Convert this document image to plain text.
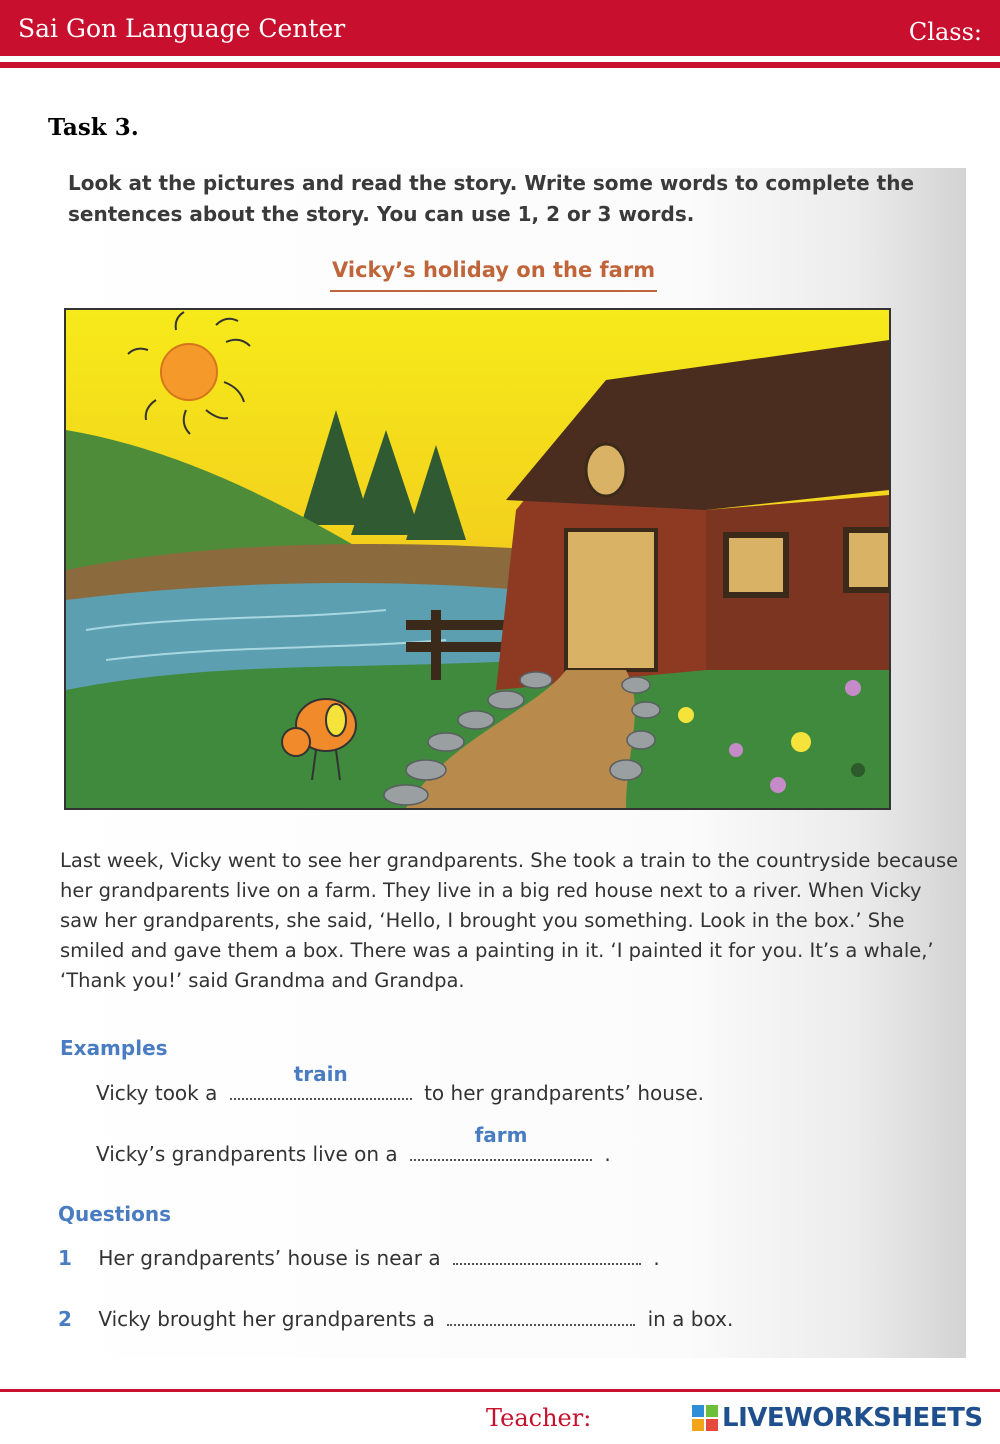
Sai Gon Language Center	Class:
Task 3.
Look at the pictures and read the story. Write some words to complete the sentences about the story. You can use 1, 2 or 3 words.
Vicky’s holiday on the farm
Last week, Vicky went to see her grandparents. She took a train to the countryside because her grandparents live on a farm. They live in a big red house next to a river. When Vicky saw her grandparents, she said, ‘Hello, I brought you something. Look in the box.’ She smiled and gave them a box. There was a painting in it. ‘I painted it for you. It’s a whale,’ ‘Thank you!’ said Grandma and Grandpa.
Examples
Vicky took a
train
to her grandparents’ house.
Vicky’s grandparents live on a
farm
.
Questions
1 Her grandparents’ house is near a	.
2 Vicky brought her grandparents a	in a box.
Teacher:	LIVEWORKSHEETS
